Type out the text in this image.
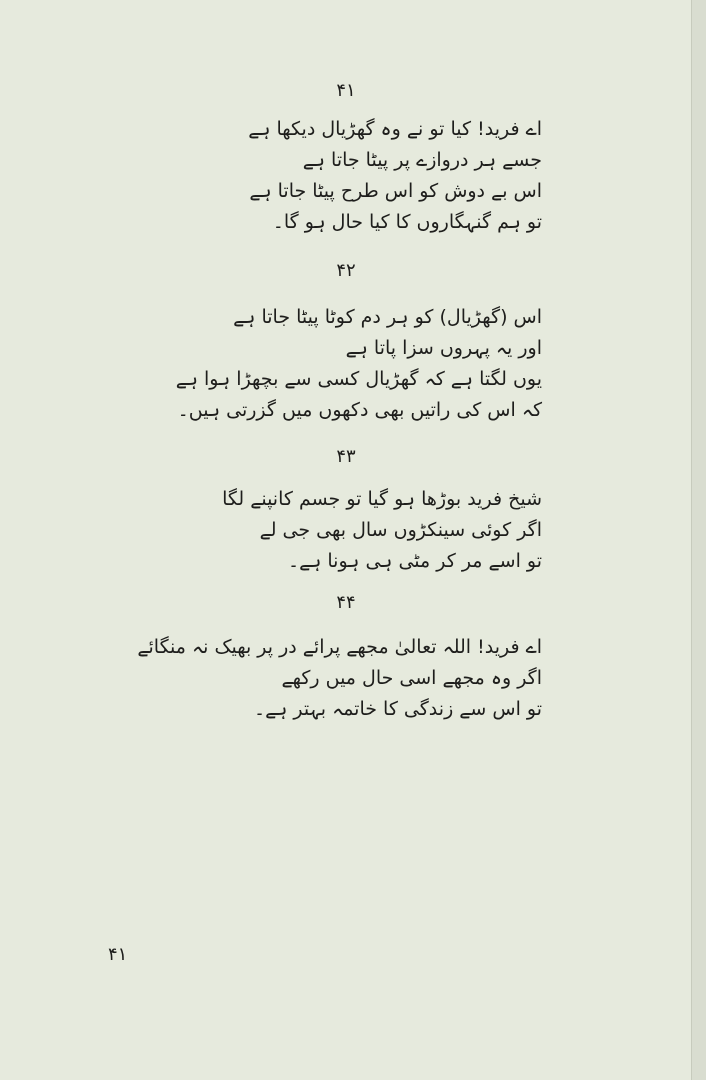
۴۱
اے فرید! کیا تو نے وہ گھڑیال دیکھا ہے
جسے ہر دروازے پر پیٹا جاتا ہے
اس بے دوش کو اس طرح پیٹا جاتا ہے
تو ہم گنہگاروں کا کیا حال ہو گا۔
۴۲
اس (گھڑیال) کو ہر دم کوٹا پیٹا جاتا ہے
اور یہ پہروں سزا پاتا ہے
یوں لگتا ہے کہ گھڑیال کسی سے بچھڑا ہوا ہے
کہ اس کی راتیں بھی دکھوں میں گزرتی ہیں۔
۴۳
شیخ فرید بوڑھا ہو گیا تو جسم کانپنے لگا
اگر کوئی سینکڑوں سال بھی جی لے
تو اسے مر کر مٹی ہی ہونا ہے۔
۴۴
اے فرید! اللہ تعالیٰ مجھے پرائے در پر بھیک نہ منگائے
اگر وہ مجھے اسی حال میں رکھے
تو اس سے زندگی کا خاتمہ بہتر ہے۔
۴۱
